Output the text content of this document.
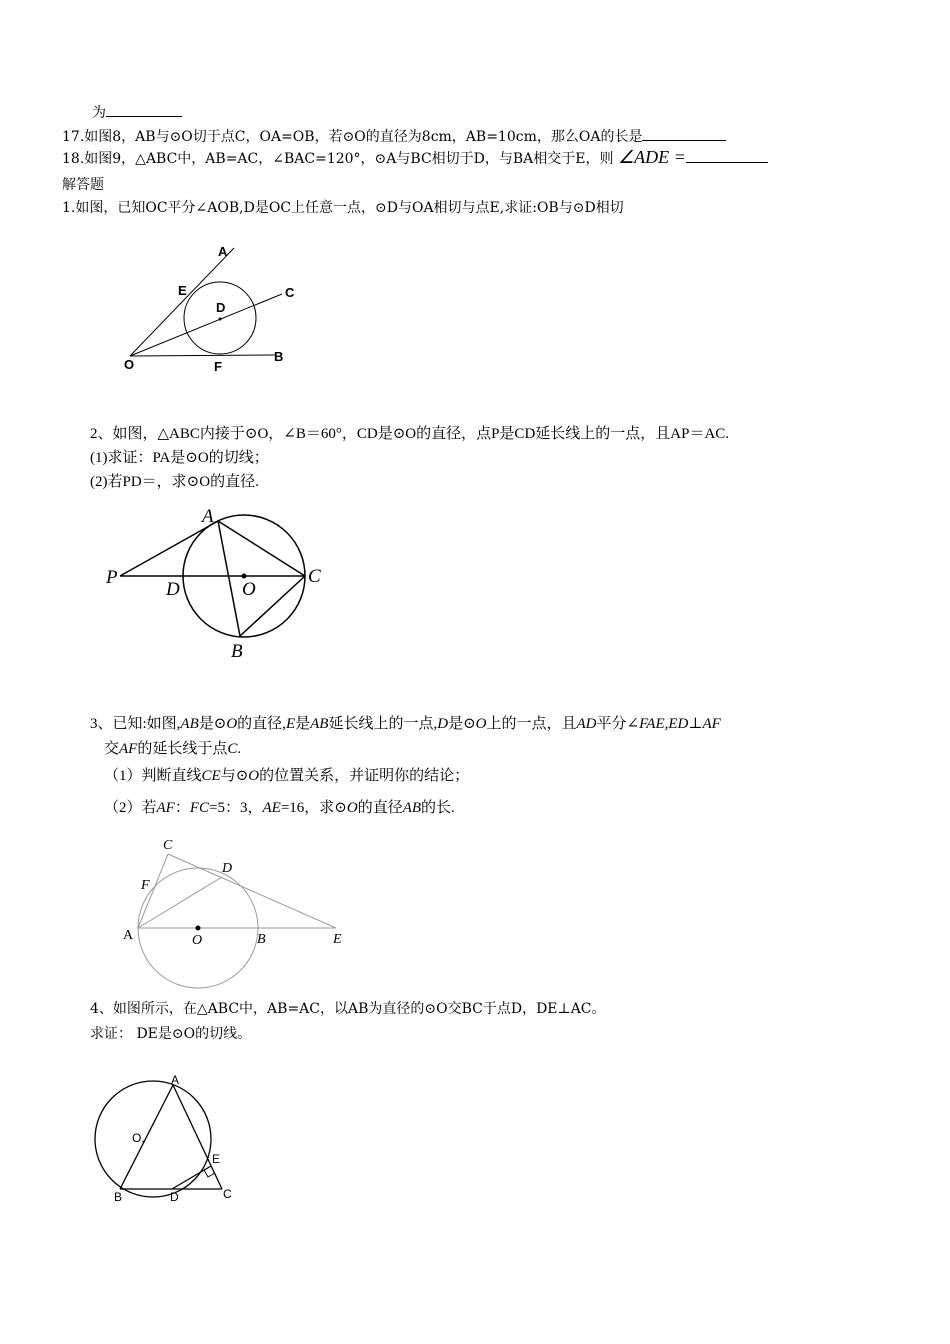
为
17.如图8，AB与⊙O切于点C，OA=OB，若⊙O的直径为8cm，AB=10cm，那么OA的长是
18.如图9，△ABC中，AB=AC，∠BAC=120°，⊙A与BC相切于D，与BA相交于E，则 ∠ADE =
解答题
1.如图，已知OC平分∠AOB,D是OC上任意一点，⊙D与OA相切与点E,求证:OB与⊙D相切
A
E	C
D
O	F
B
2、如图，△ABC内接于⊙O，∠B＝60°，CD是⊙O的直径，点P是CD延长线上的一点，且AP＝AC.
(1)求证：PA是⊙O的切线；
(2)若PD＝，求⊙O的直径.
A
P
D	O
C
B
3、已知:如图,AB是⊙O的直径,E是AB延长线上的一点,D是⊙O上的一点，且AD平分∠FAE,ED⊥AF
交AF的延长线于点C.
（1）判断直线CE与⊙O的位置关系，并证明你的结论；
（2）若AF：FC=5：3，AE=16，求⊙O的直径AB的长.
C
D
F
A	O	B	E
4、如图所示，在△ABC中，AB=AC，以AB为直径的⊙O交BC于点D，DE⊥AC。
求证： DE是⊙O的切线。
A
O.
E
B	D	C
